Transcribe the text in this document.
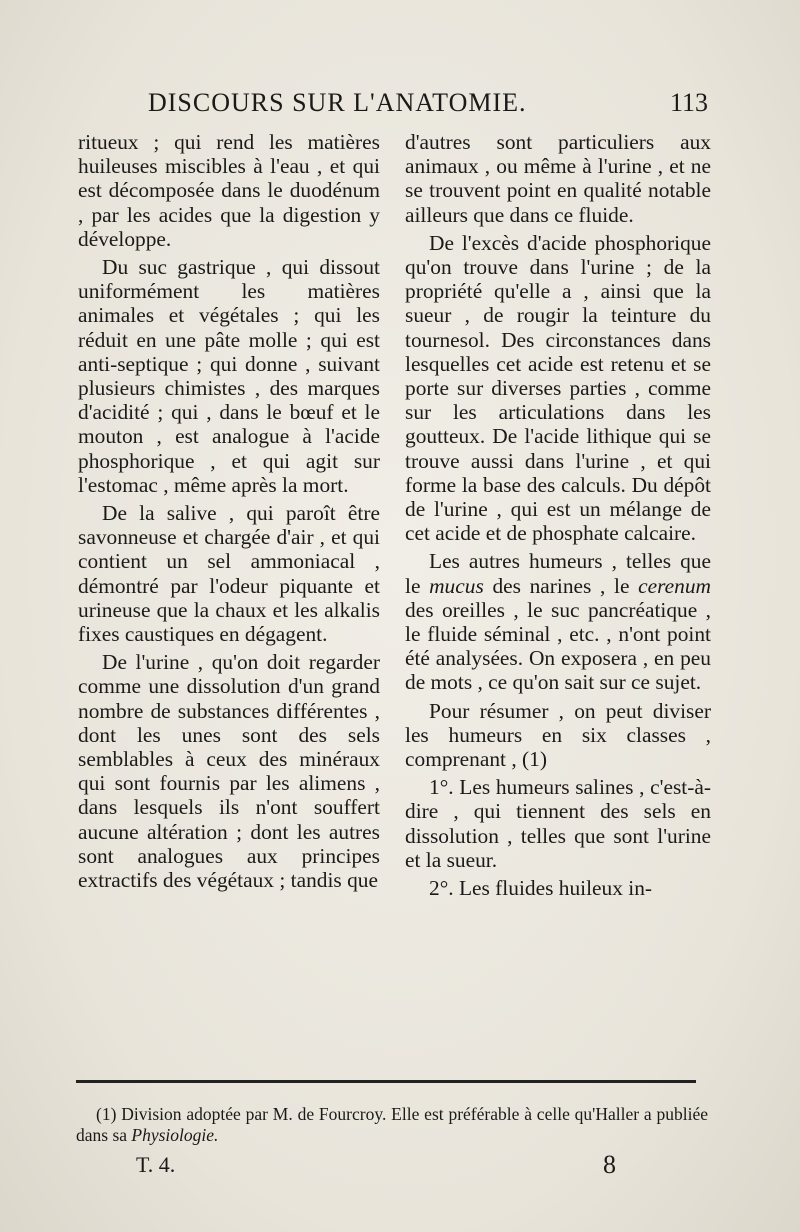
DISCOURS SUR L'ANATOMIE.	113

ritueux ; qui rend les matières huileuses miscibles à l'eau , et qui est décomposée dans le duodénum , par les acides que la digestion y développe.

Du suc gastrique , qui dissout uniformément les matières animales et végétales ; qui les réduit en une pâte molle ; qui est anti-septique ; qui donne , suivant plusieurs chimistes , des marques d'acidité ; qui , dans le bœuf et le mouton , est analogue à l'acide phosphorique , et qui agit sur l'estomac , même après la mort.

De la salive , qui paroît être savonneuse et chargée d'air , et qui contient un sel ammoniacal , démontré par l'odeur piquante et urineuse que la chaux et les alkalis fixes caustiques en dégagent.

De l'urine , qu'on doit regarder comme une dissolution d'un grand nombre de substances différentes , dont les unes sont des sels semblables à ceux des minéraux qui sont fournis par les alimens , dans lesquels ils n'ont souffert aucune altération ; dont les autres sont analogues aux principes extractifs des végétaux ; tandis que

d'autres sont particuliers aux animaux , ou même à l'urine , et ne se trouvent point en qualité notable ailleurs que dans ce fluide.

De l'excès d'acide phosphorique qu'on trouve dans l'urine ; de la propriété qu'elle a , ainsi que la sueur , de rougir la teinture du tournesol. Des circonstances dans lesquelles cet acide est retenu et se porte sur diverses parties , comme sur les articulations dans les goutteux. De l'acide lithique qui se trouve aussi dans l'urine , et qui forme la base des calculs. Du dépôt de l'urine , qui est un mélange de cet acide et de phosphate calcaire.

Les autres humeurs , telles que le mucus des narines , le cerenum des oreilles , le suc pancréatique , le fluide séminal , etc. , n'ont point été analysées. On exposera , en peu de mots , ce qu'on sait sur ce sujet.

Pour résumer , on peut diviser les humeurs en six classes , comprenant , (1)

1°. Les humeurs salines , c'est-à-dire , qui tiennent des sels en dissolution , telles que sont l'urine et la sueur.

2°. Les fluides huileux in-

(1) Division adoptée par M. de Fourcroy. Elle est préférable à celle qu'Haller a publiée dans sa Physiologie.
T. 4.	8
